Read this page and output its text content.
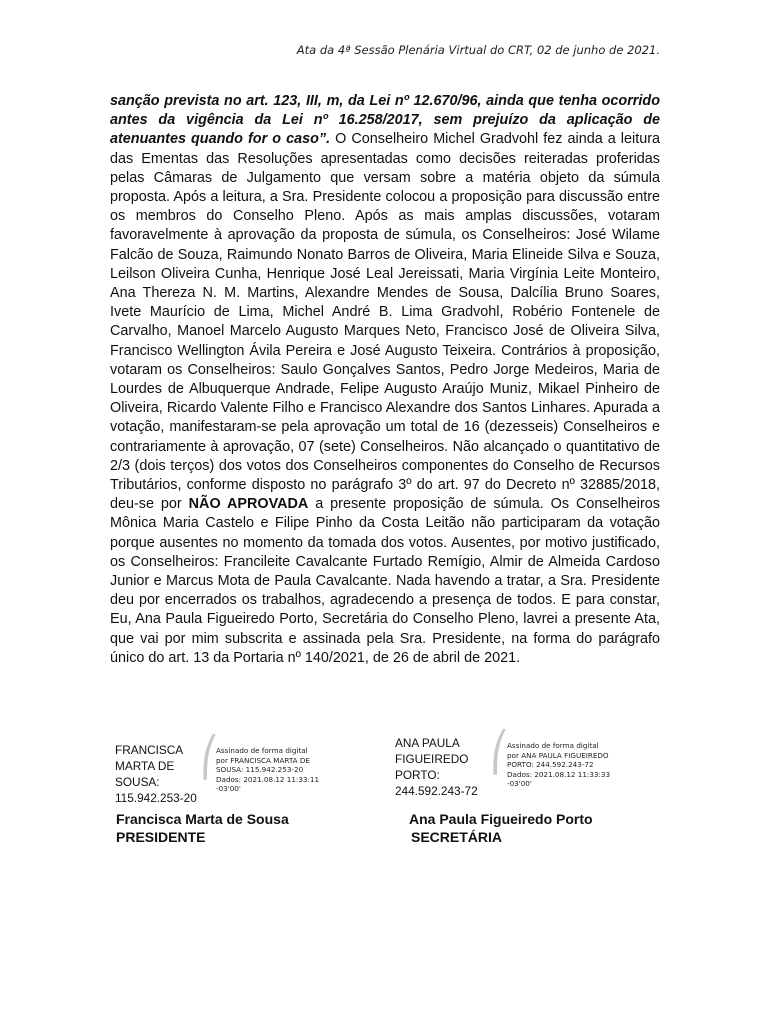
Ata da 4ª Sessão Plenária Virtual do CRT, 02 de junho de 2021.
sanção prevista no art. 123, III, m, da Lei nº 12.670/96, ainda que tenha ocorrido antes da vigência da Lei nº 16.258/2017, sem prejuízo da aplicação de atenuantes quando for o caso”. O Conselheiro Michel Gradvohl fez ainda a leitura das Ementas das Resoluções apresentadas como decisões reiteradas proferidas pelas Câmaras de Julgamento que versam sobre a matéria objeto da súmula proposta. Após a leitura, a Sra. Presidente colocou a proposição para discussão entre os membros do Conselho Pleno. Após as mais amplas discussões, votaram favoravelmente à aprovação da proposta de súmula, os Conselheiros: José Wilame Falcão de Souza, Raimundo Nonato Barros de Oliveira, Maria Elineide Silva e Souza, Leilson Oliveira Cunha, Henrique José Leal Jereissati, Maria Virgínia Leite Monteiro, Ana Thereza N. M. Martins, Alexandre Mendes de Sousa, Dalcília Bruno Soares, Ivete Maurício de Lima, Michel André B. Lima Gradvohl, Robério Fontenele de Carvalho, Manoel Marcelo Augusto Marques Neto, Francisco José de Oliveira Silva, Francisco Wellington Ávila Pereira e José Augusto Teixeira. Contrários à proposição, votaram os Conselheiros: Saulo Gonçalves Santos, Pedro Jorge Medeiros, Maria de Lourdes de Albuquerque Andrade, Felipe Augusto Araújo Muniz, Mikael Pinheiro de Oliveira, Ricardo Valente Filho e Francisco Alexandre dos Santos Linhares. Apurada a votação, manifestaram-se pela aprovação um total de 16 (dezesseis) Conselheiros e contrariamente à aprovação, 07 (sete) Conselheiros. Não alcançado o quantitativo de 2/3 (dois terços) dos votos dos Conselheiros componentes do Conselho de Recursos Tributários, conforme disposto no parágrafo 3º do art. 97 do Decreto nº 32885/2018, deu-se por NÃO APROVADA a presente proposição de súmula. Os Conselheiros Mônica Maria Castelo e Filipe Pinho da Costa Leitão não participaram da votação porque ausentes no momento da tomada dos votos. Ausentes, por motivo justificado, os Conselheiros: Francileite Cavalcante Furtado Remígio, Almir de Almeida Cardoso Junior e Marcus Mota de Paula Cavalcante. Nada havendo a tratar, a Sra. Presidente deu por encerrados os trabalhos, agradecendo a presença de todos. E para constar, Eu, Ana Paula Figueiredo Porto, Secretária do Conselho Pleno, lavrei a presente Ata, que vai por mim subscrita e assinada pela Sra. Presidente, na forma do parágrafo único do art. 13 da Portaria nº 140/2021, de 26 de abril de 2021.
FRANCISCA
MARTA DE
SOUSA:
115.942.253-20
⎛
Assinado de forma digital
por FRANCISCA MARTA DE
SOUSA: 115.942.253-20
Dados: 2021.08.12 11:33:11
-03'00'
Francisca Marta de Sousa
PRESIDENTE
ANA PAULA
FIGUEIREDO
PORTO:
244.592.243-72
⎛
Assinado de forma digital
por ANA PAULA FIGUEIREDO
PORTO: 244.592.243-72
Dados: 2021.08.12 11:33:33
-03'00'
Ana Paula Figueiredo Porto
SECRETÁRIA
